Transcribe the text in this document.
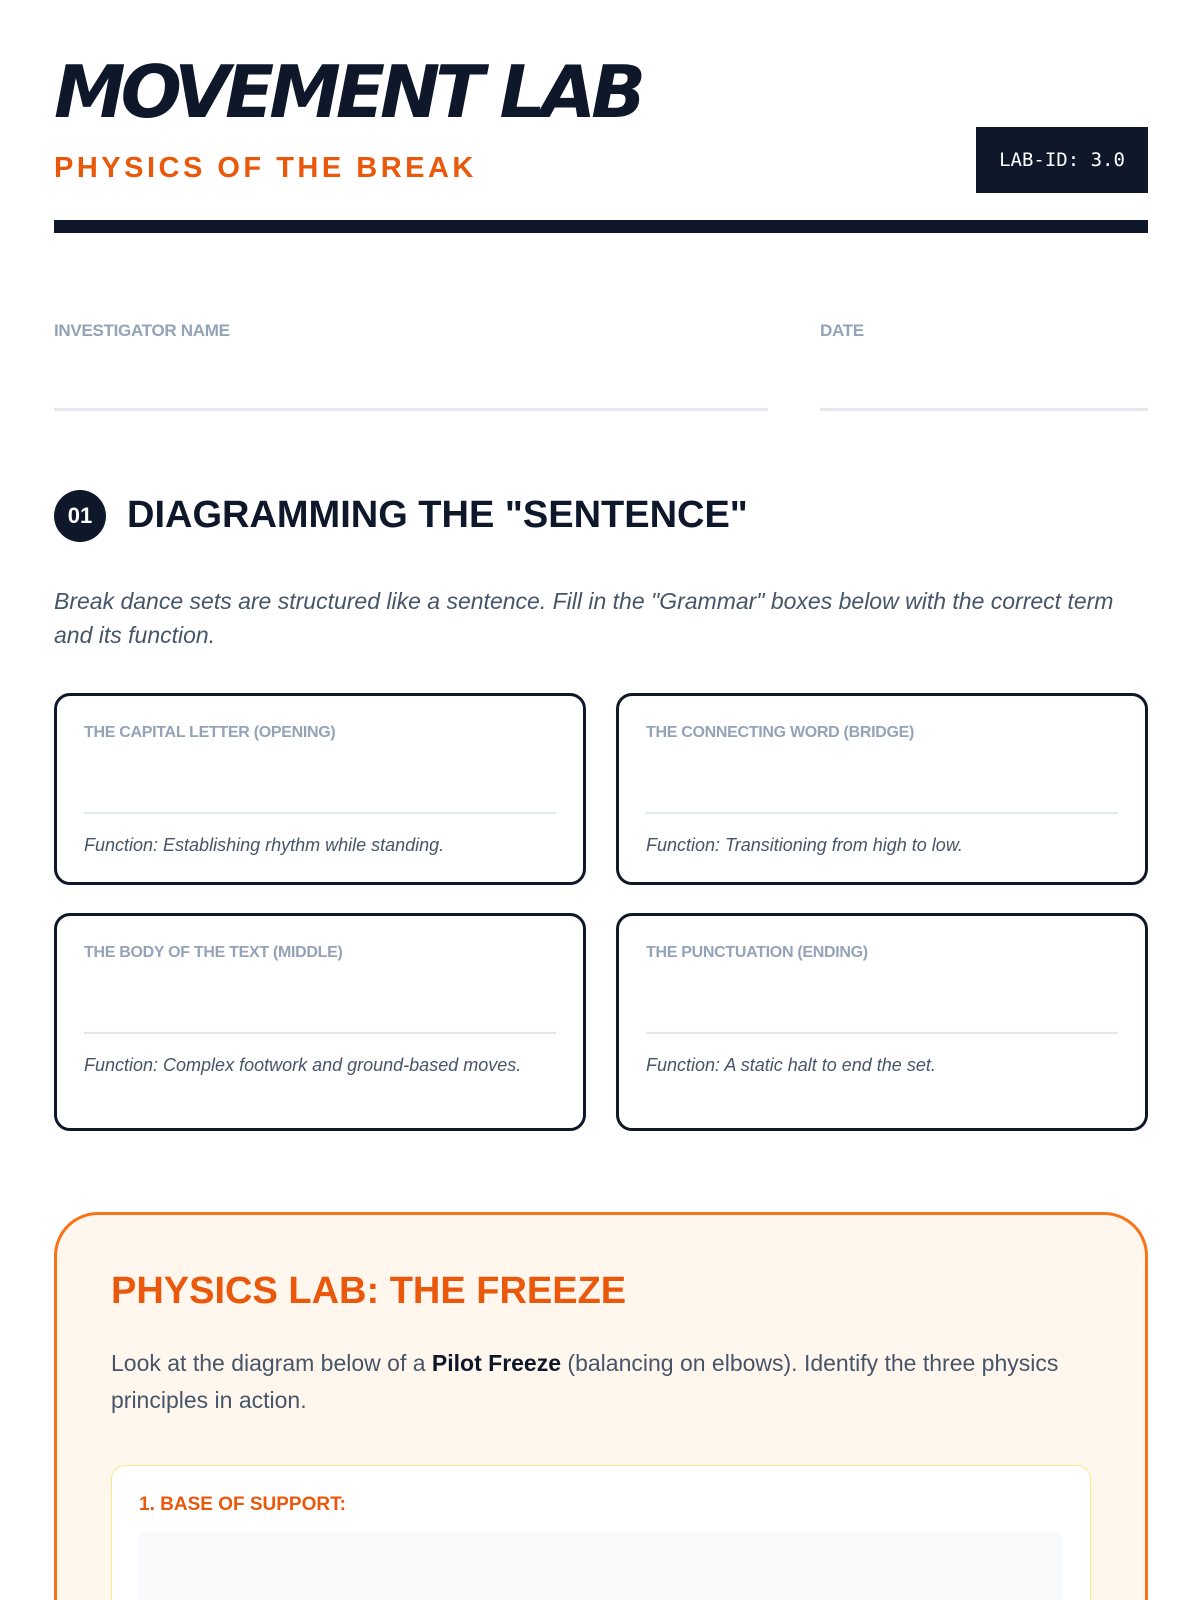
MOVEMENT LAB
PHYSICS OF THE BREAK	LAB-ID: 3.0
INVESTIGATOR NAME	DATE
01 DIAGRAMMING THE "SENTENCE"
Break dance sets are structured like a sentence. Fill in the "Grammar" boxes below with the correct term and its function.
THE CAPITAL LETTER (OPENING)
Function: Establishing rhythm while standing.
THE CONNECTING WORD (BRIDGE)
Function: Transitioning from high to low.
THE BODY OF THE TEXT (MIDDLE)
Function: Complex footwork and ground-based moves.
THE PUNCTUATION (ENDING)
Function: A static halt to end the set.
PHYSICS LAB: THE FREEZE
Look at the diagram below of a Pilot Freeze (balancing on elbows). Identify the three physics principles in action.
1. BASE OF SUPPORT:
